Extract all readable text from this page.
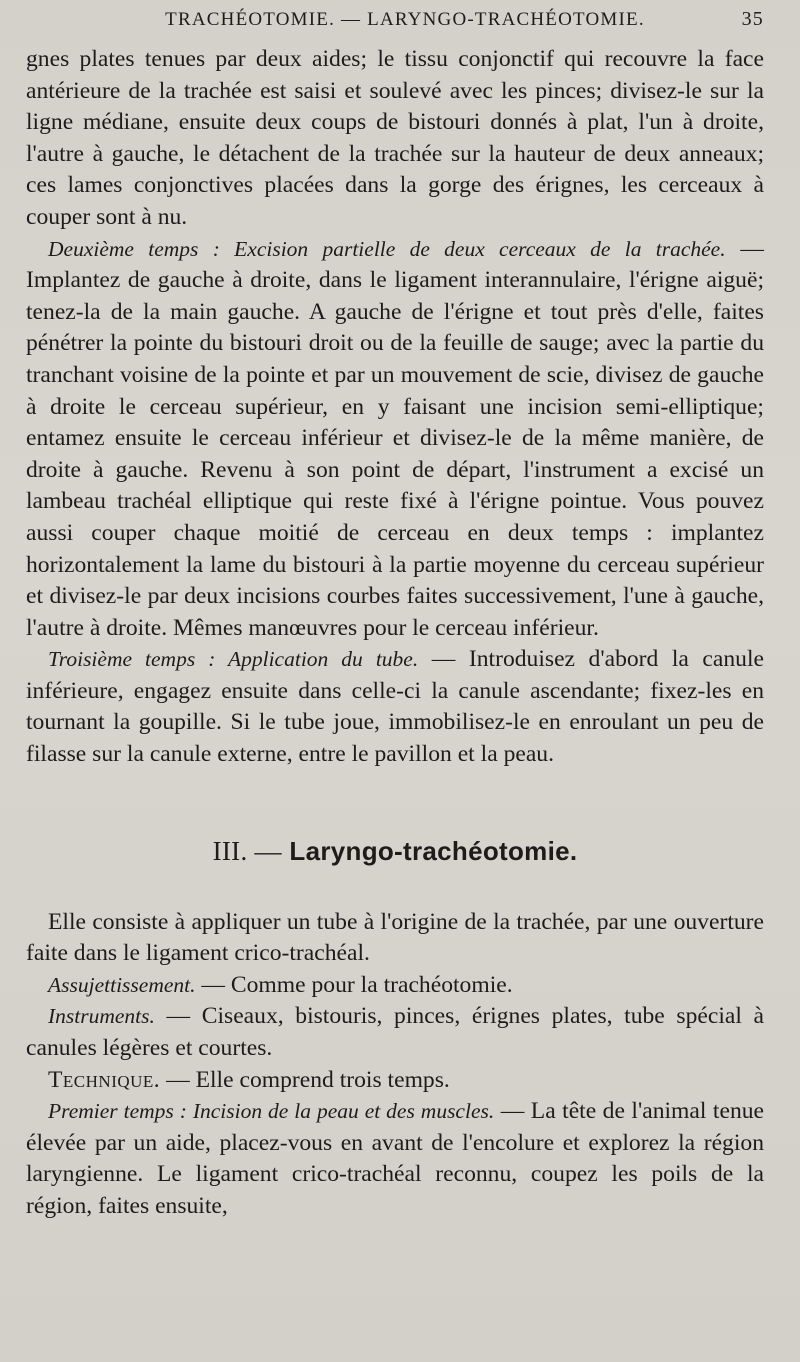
TRACHÉOTOMIE. — LARYNGO-TRACHÉOTOMIE.	35

gnes plates tenues par deux aides; le tissu conjonctif qui recouvre la face antérieure de la trachée est saisi et soulevé avec les pinces; divisez-le sur la ligne médiane, ensuite deux coups de bistouri donnés à plat, l'un à droite, l'autre à gauche, le détachent de la trachée sur la hauteur de deux anneaux; ces lames conjonctives placées dans la gorge des érignes, les cerceaux à couper sont à nu.

Deuxième temps : Excision partielle de deux cerceaux de la trachée. — Implantez de gauche à droite, dans le ligament interannulaire, l'érigne aiguë; tenez-la de la main gauche. A gauche de l'érigne et tout près d'elle, faites pénétrer la pointe du bistouri droit ou de la feuille de sauge; avec la partie du tranchant voisine de la pointe et par un mouvement de scie, divisez de gauche à droite le cerceau supérieur, en y faisant une incision semi-elliptique; entamez ensuite le cerceau inférieur et divisez-le de la même manière, de droite à gauche. Revenu à son point de départ, l'instrument a excisé un lambeau trachéal elliptique qui reste fixé à l'érigne pointue. Vous pouvez aussi couper chaque moitié de cerceau en deux temps : implantez horizontalement la lame du bistouri à la partie moyenne du cerceau supérieur et divisez-le par deux incisions courbes faites successivement, l'une à gauche, l'autre à droite. Mêmes manœuvres pour le cerceau inférieur.

Troisième temps : Application du tube. — Introduisez d'abord la canule inférieure, engagez ensuite dans celle-ci la canule ascendante; fixez-les en tournant la goupille. Si le tube joue, immobilisez-le en enroulant un peu de filasse sur la canule externe, entre le pavillon et la peau.

III. — Laryngo-trachéotomie.

Elle consiste à appliquer un tube à l'origine de la trachée, par une ouverture faite dans le ligament crico-trachéal.

Assujettissement. — Comme pour la trachéotomie.

Instruments. — Ciseaux, bistouris, pinces, érignes plates, tube spécial à canules légères et courtes.

Technique. — Elle comprend trois temps.

Premier temps : Incision de la peau et des muscles. — La tête de l'animal tenue élevée par un aide, placez-vous en avant de l'encolure et explorez la région laryngienne. Le ligament crico-trachéal reconnu, coupez les poils de la région, faites ensuite,
